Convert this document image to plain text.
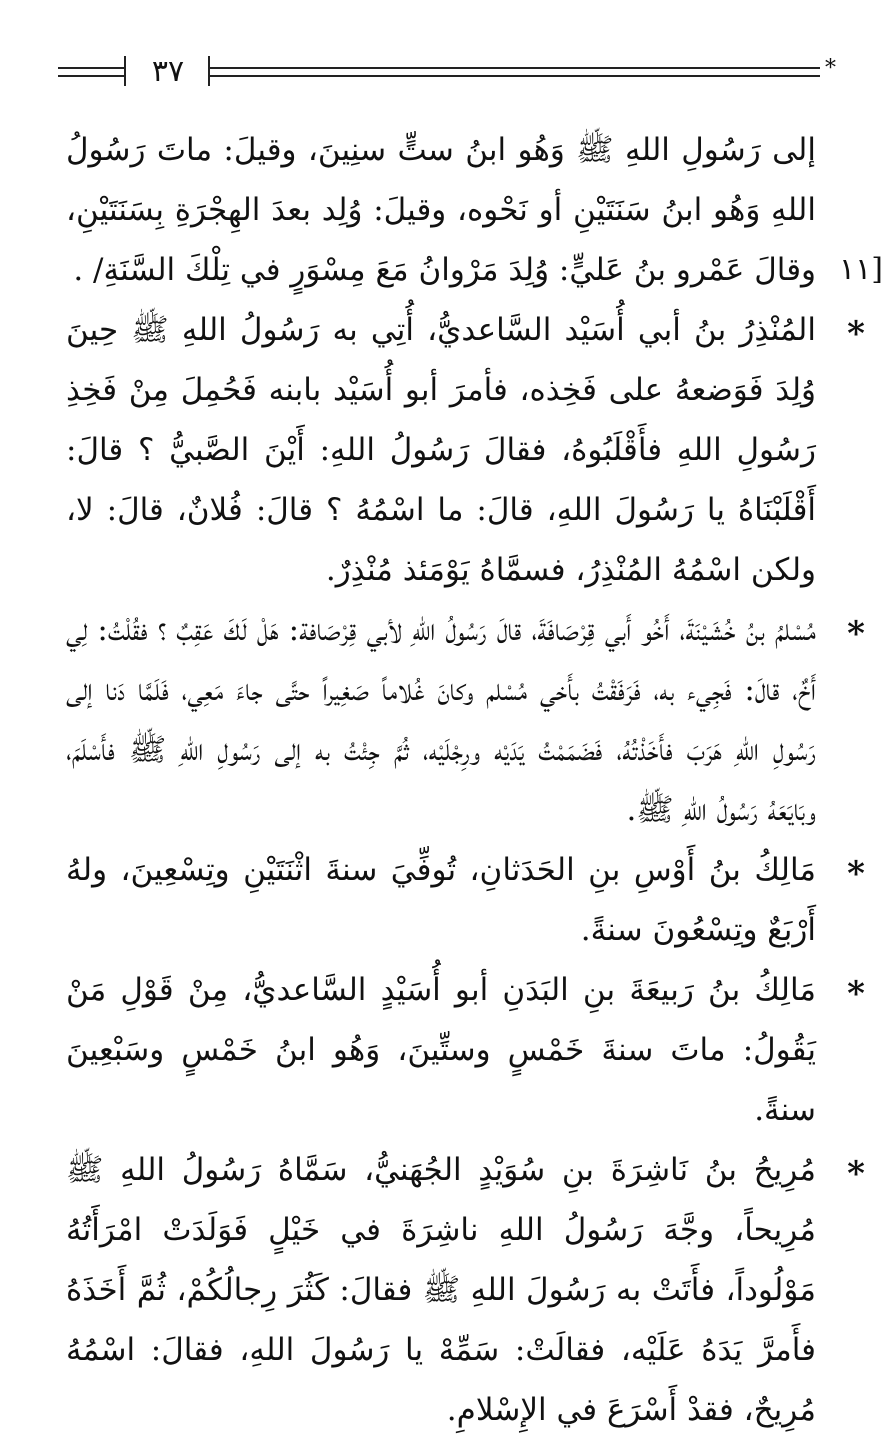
٣٧	*
١١]

إلى رَسُولِ اللهِ ﷺ وَهُو ابنُ ستٍّ سنِينَ، وقيلَ: ماتَ رَسُولُ اللهِ وَهُو ابنُ سَنَتَيْنِ أو نَحْوه، وقيلَ: وُلِد بعدَ الهِجْرَةِ بِسَنَتَيْنِ، وقالَ عَمْرو بنُ عَليٍّ: وُلِدَ مَرْوانُ مَعَ مِسْوَرٍ في تِلْكَ السَّنَةِ/ .

*
المُنْذِرُ بنُ أبي أُسَيْد السَّاعديُّ، أُتِي به رَسُولُ اللهِ ﷺ حِينَ وُلِدَ فَوَضعهُ على فَخِذه، فأمرَ أبو أُسَيْد بابنه فَحُمِلَ مِنْ فَخِذِ رَسُولِ اللهِ فأَقْلَبُوهُ، فقالَ رَسُولُ اللهِ: أَيْنَ الصَّبيُّ ؟ قالَ: أَقْلَبْنَاهُ يا رَسُولَ اللهِ، قالَ: ما اسْمُهُ ؟ قالَ: فُلانٌ، قالَ: لا، ولكن اسْمُهُ المُنْذِرُ، فسمَّاهُ يَوْمَئذ مُنْذِرٌ.

*
مُسْلمُ بنُ خُشَيْنَةَ، أَخُو أَبي قِرْصَافَةَ، قالَ رَسُولُ اللهِ لأبي قِرْصَافة: هَلْ لَكَ عَقِبٌ ؟ فقُلْتُ: لِي أَخٌ، قالَ: فَجِيء به، فَرَفَقْتُ بأَخي مُسْلم وكانَ غُلاماً صَغِيراً حتَّى جاءَ مَعِي، فَلَمَّا دَنا إلى رَسُولِ اللهِ هَرَبَ فأَخَذْتُهُ، فَضَمَمْتُ يَدَيْه ورِجْلَيْه، ثُمَّ جِئْتُ به إلى رَسُولِ اللهِ ﷺ فأَسْلَمَ، وبَايَعَهُ رَسُولُ اللهِ ﷺ.

*
مَالِكُ بنُ أَوْسِ بنِ الحَدَثانِ، تُوفِّيَ سنةَ اثْنَتَيْنِ وتِسْعِينَ، ولهُ أَرْبَعٌ وتِسْعُونَ سنةً.

*
مَالِكُ بنُ رَبيعَةَ بنِ البَدَنِ أبو أُسَيْدٍ السَّاعديُّ، مِنْ قَوْلِ مَنْ يَقُولُ: ماتَ سنةَ خَمْسٍ وستِّينَ، وَهُو ابنُ خَمْسٍ وسَبْعِينَ سنةً.

*
مُرِيحُ بنُ نَاشِرَةَ بنِ سُوَيْدٍ الجُهَنيُّ، سَمَّاهُ رَسُولُ اللهِ ﷺ مُرِيحاً، وجَّهَ رَسُولُ اللهِ ناشِرَةَ في خَيْلٍ فَوَلَدَتْ امْرَأَتُهُ مَوْلُوداً، فأَتَتْ به رَسُولَ اللهِ ﷺ فقالَ: كَثُرَ رِجالُكُمْ، ثُمَّ أَخَذَهُ فأَمرَّ يَدَهُ عَلَيْه، فقالَتْ: سَمِّهْ يا رَسُولَ اللهِ، فقالَ: اسْمُهُ مُرِيحٌ، فقدْ أَسْرَعَ في الإِسْلامِ.
